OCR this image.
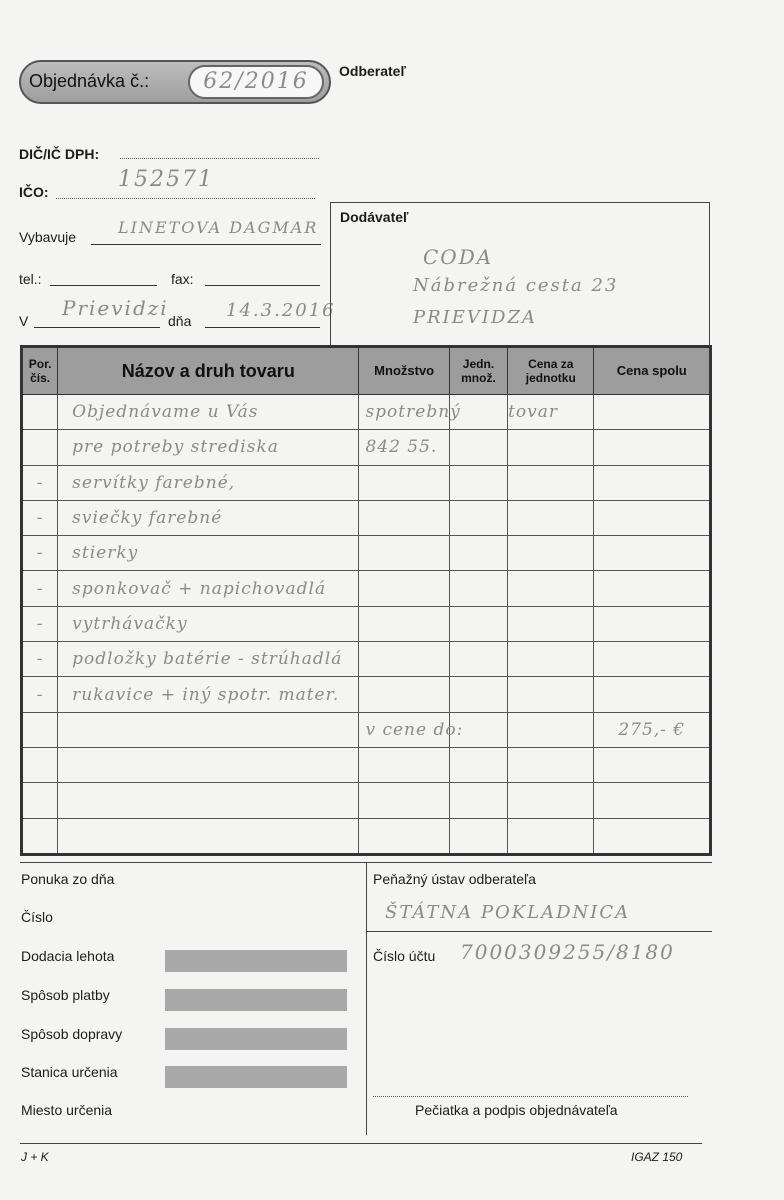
Objednávka č.:	62/2016	Odberateľ
DIČ/IČ DPH:
IČO:	152571
Vybavuje	LINETOVA DAGMAR
tel.:	fax:
V
Prievidzi
dňa 14.3.2016
Dodávateľ
CODA
Nábrežná cesta 23
PRIEVIDZA
Por. čís.	Názov a druh tovaru	Množstvo	Jedn. množ.	Cena za jednotku	Cena spolu
	Objednávame u Vás	spotrebný		tovar	
	pre potreby strediska	842 55.			
-	servítky farebné,				
-	sviečky farebné				
-	stierky				
-	sponkovač + napichovadlá				
-	vytrhávačky				
-	podložky batérie - strúhadlá				
-	rukavice + iný spotr. mater.				
		v cene do:			275,- €

Ponuka zo dňa
Číslo
Dodacia lehota
Spôsob platby
Spôsob dopravy
Stanica určenia
Miesto určenia
Peňažný ústav odberateľa
ŠTÁTNA POKLADNICA
Číslo účtu 7000309255/8180
Pečiatka a podpis objednávateľa
J + K	IGAZ 150
